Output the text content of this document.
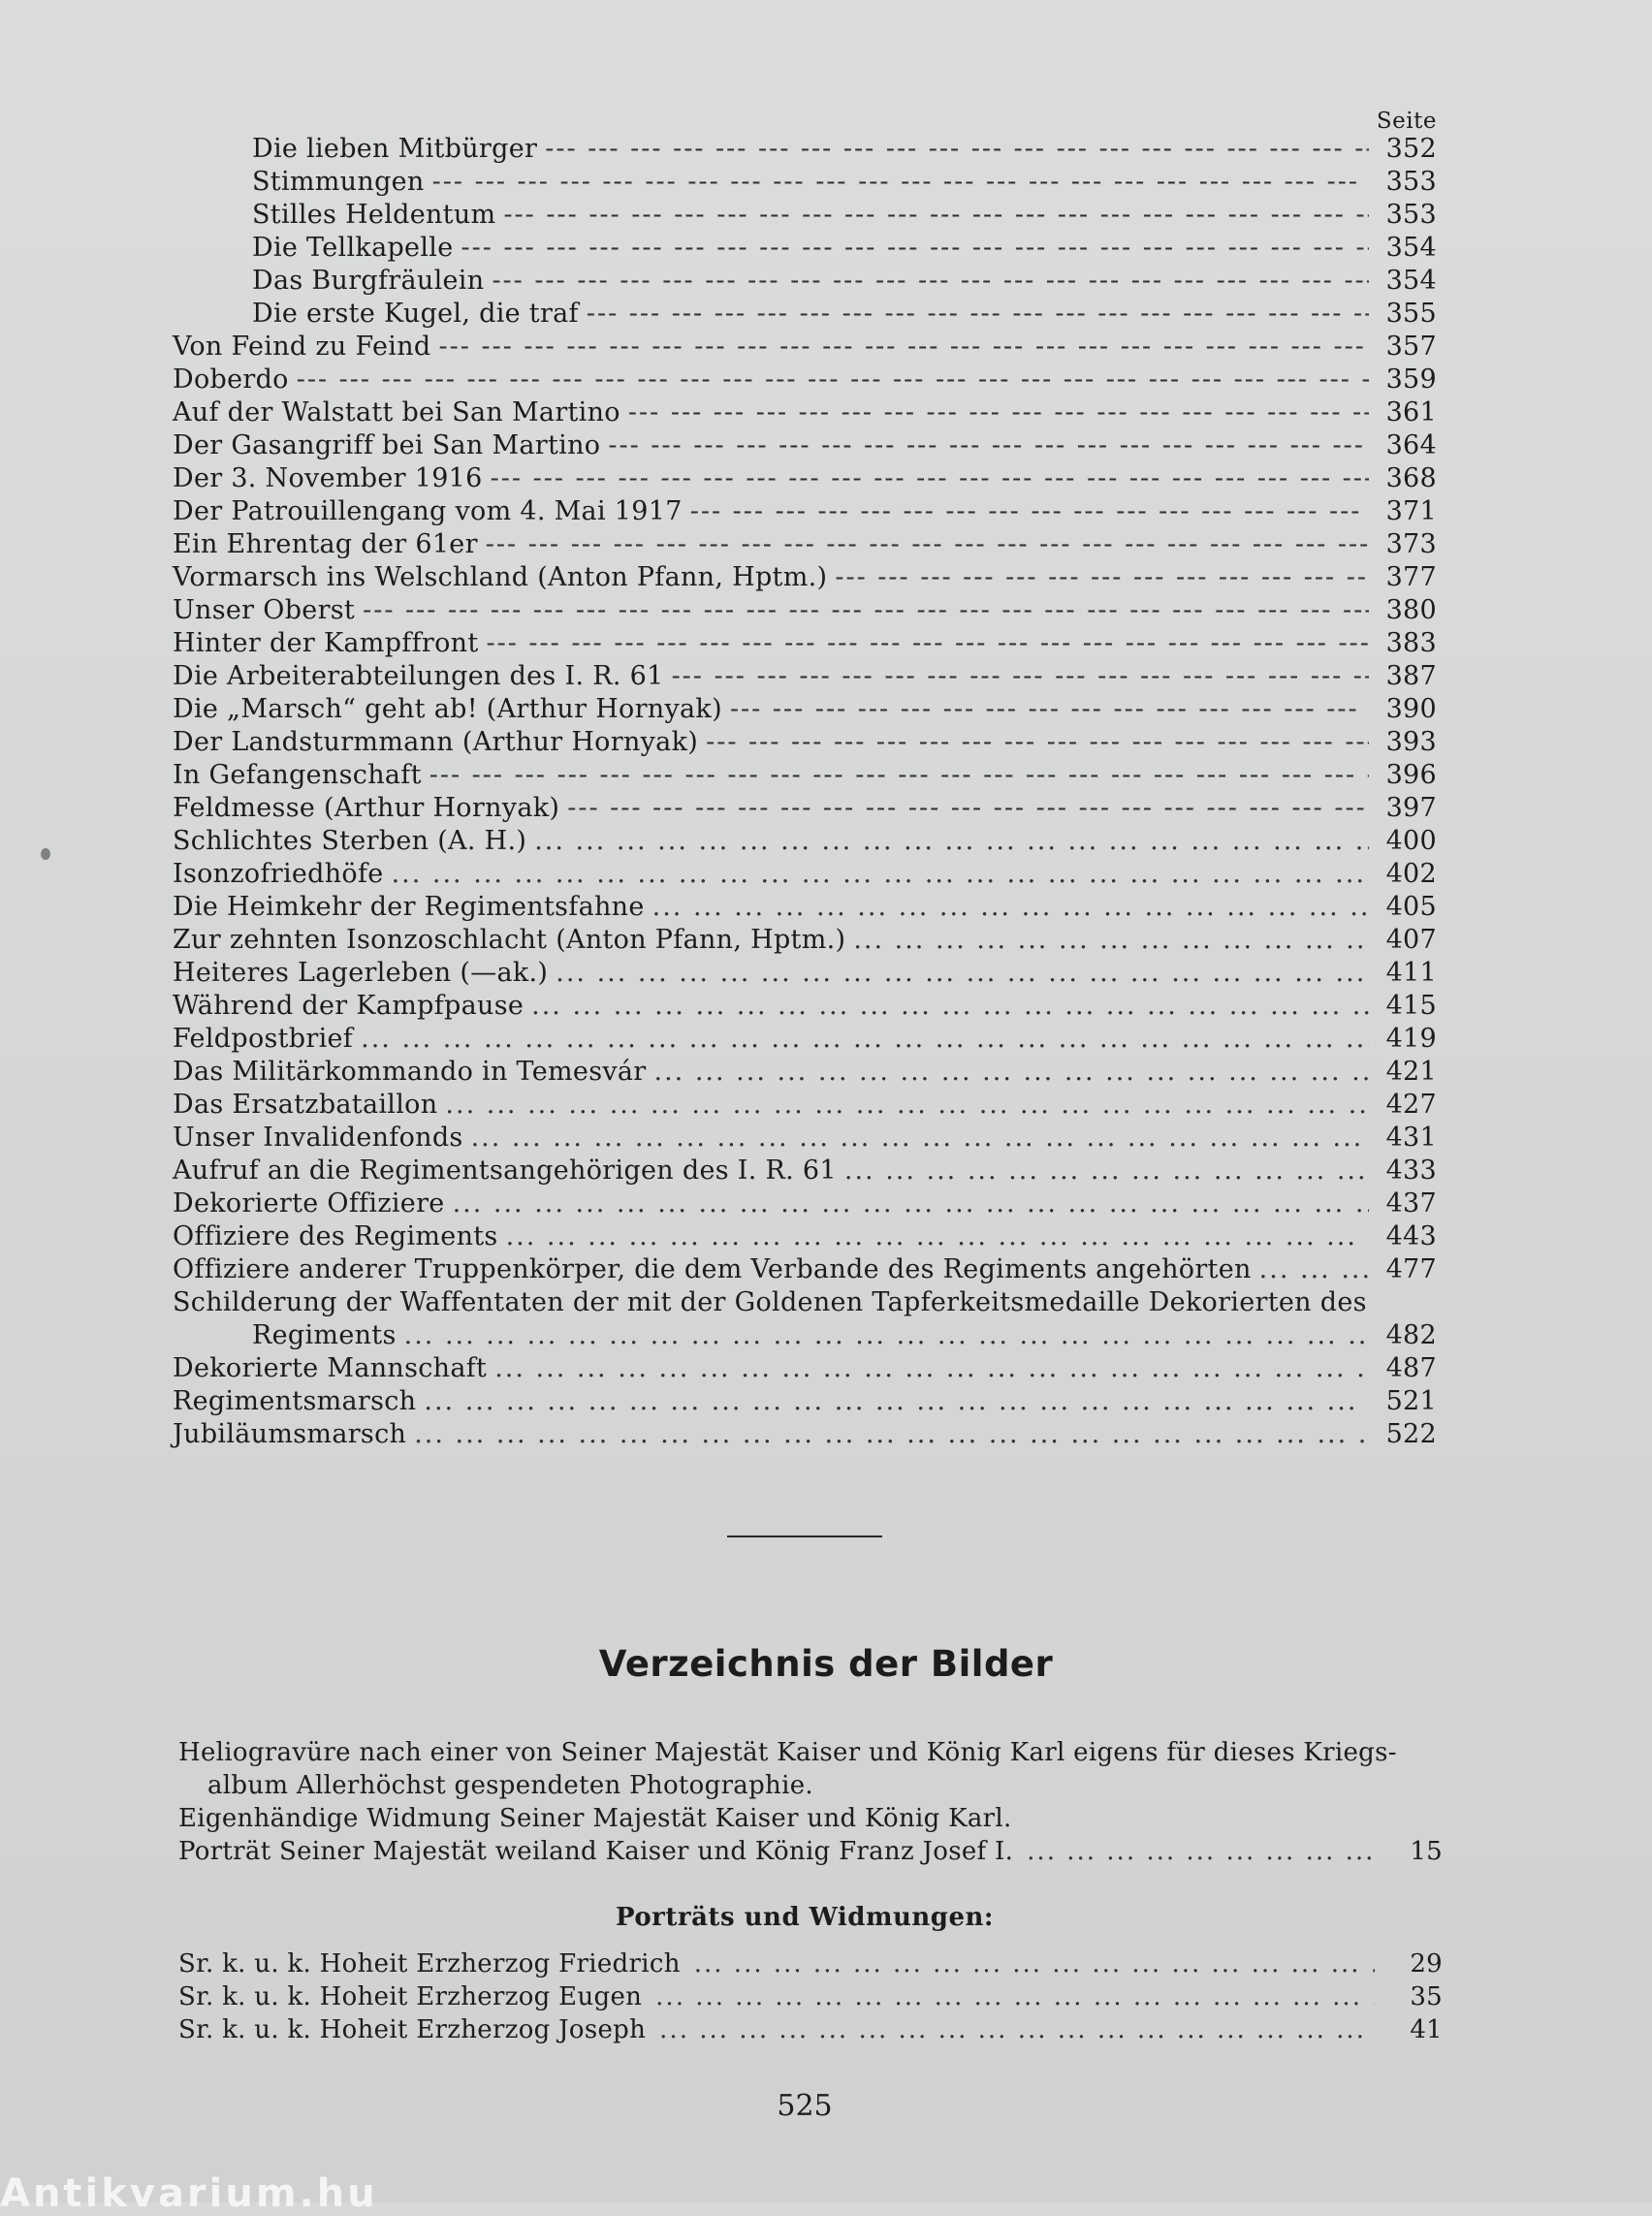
Seite
Die lieben Mitbürger --- -	352
Stimmungen --- -	353
Stilles Heldentum --- -	353
Die Tellkapelle --- -	354
Das Burgfräulein --- -	354
Die erste Kugel, die traf --- -	355
Von Feind zu Feind --- -	357
Doberdo --- -	359
Auf der Walstatt bei San Martino --- -	361
Der Gasangriff bei San Martino --- -	364
Der 3. November 1916 --- -	368
Der Patrouillengang vom 4. Mai 1917 --- -	371
Ein Ehrentag der 61er --- -	373
Vormarsch ins Welschland (Anton Pfann, Hptm.) --- -	377
Unser Oberst --- -	380
Hinter der Kampffront --- -	383
Die Arbeiterabteilungen des I. R. 61 --- -	387
Die „Marsch“ geht ab! (Arthur Hornyak) --- -	390
Der Landsturmmann (Arthur Hornyak) --- -	393
In Gefangenschaft --- -	396
Feldmesse (Arthur Hornyak) --- -	397
Schlichtes Sterben (A. H.) ... .	400
Isonzofriedhöfe ... .	402
Die Heimkehr der Regimentsfahne ... .	405
Zur zehnten Isonzoschlacht (Anton Pfann, Hptm.) ... .	407
Heiteres Lagerleben (—ak.) ... .	411
Während der Kampfpause ... .	415
Feldpostbrief ... .	419
Das Militärkommando in Temesvár ... .	421
Das Ersatzbataillon ... .	427
Unser Invalidenfonds ... .	431
Aufruf an die Regimentsangehörigen des I. R. 61 ... .	433
Dekorierte Offiziere ... .	437
Offiziere des Regiments ... .	443
Offiziere anderer Truppenkörper, die dem Verbande des Regiments angehörten ... .	477
Schilderung der Waffentaten der mit der Goldenen Tapferkeitsmedaille Dekorierten des
Regiments ... .	482
Dekorierte Mannschaft ... .	487
Regimentsmarsch ... .	521
Jubiläumsmarsch ... .	522
Verzeichnis der Bilder
Heliogravüre nach einer von Seiner Majestät Kaiser und König Karl eigens für dieses Kriegs-
album Allerhöchst gespendeten Photographie.
Eigenhändige Widmung Seiner Majestät Kaiser und König Karl.
Porträt Seiner Majestät weiland Kaiser und König Franz Josef I. ... .	15
Porträts und Widmungen:
Sr. k. u. k. Hoheit Erzherzog Friedrich ... .	29
Sr. k. u. k. Hoheit Erzherzog Eugen ... .	35
Sr. k. u. k. Hoheit Erzherzog Joseph ... .	41
525
Antikvarium.hu
